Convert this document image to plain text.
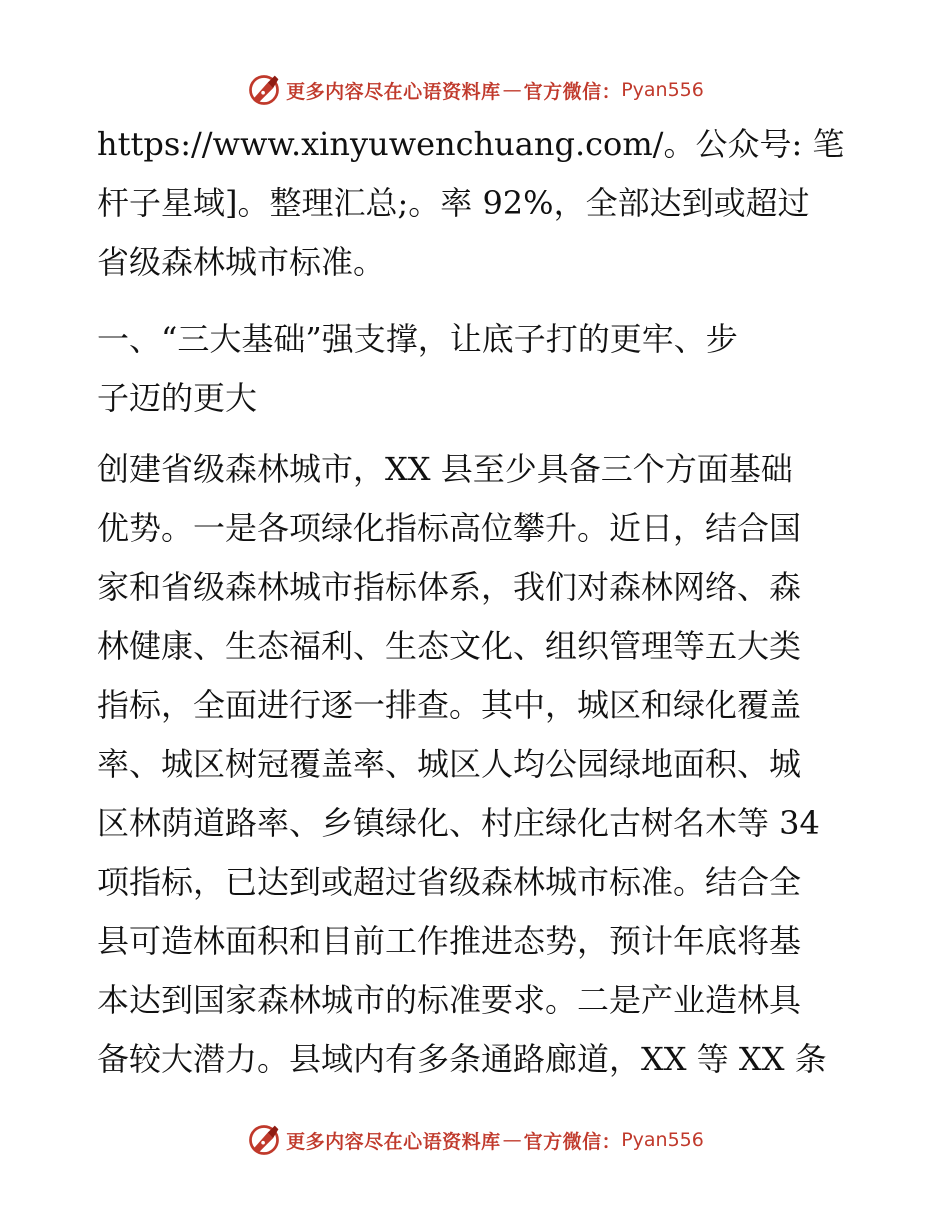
更多内容尽在心语资料库 — 官方微信： Pyan556
https://www.xinyuwenchuang.com/。公众号: 笔
杆子星域]。整理汇总;。率 92%，全部达到或超过
省级森林城市标准。
一、“三大基础”强支撑，让底子打的更牢、步
子迈的更大
创建省级森林城市，XX 县至少具备三个方面基础
优势。一是各项绿化指标高位攀升。近日，结合国
家和省级森林城市指标体系，我们对森林网络、森
林健康、生态福利、生态文化、组织管理等五大类
指标，全面进行逐一排查。其中，城区和绿化覆盖
率、城区树冠覆盖率、城区人均公园绿地面积、城
区林荫道路率、乡镇绿化、村庄绿化古树名木等 34
项指标，已达到或超过省级森林城市标准。结合全
县可造林面积和目前工作推进态势，预计年底将基
本达到国家森林城市的标准要求。二是产业造林具
备较大潜力。县域内有多条通路廊道，XX 等 XX 条
更多内容尽在心语资料库 — 官方微信： Pyan556
